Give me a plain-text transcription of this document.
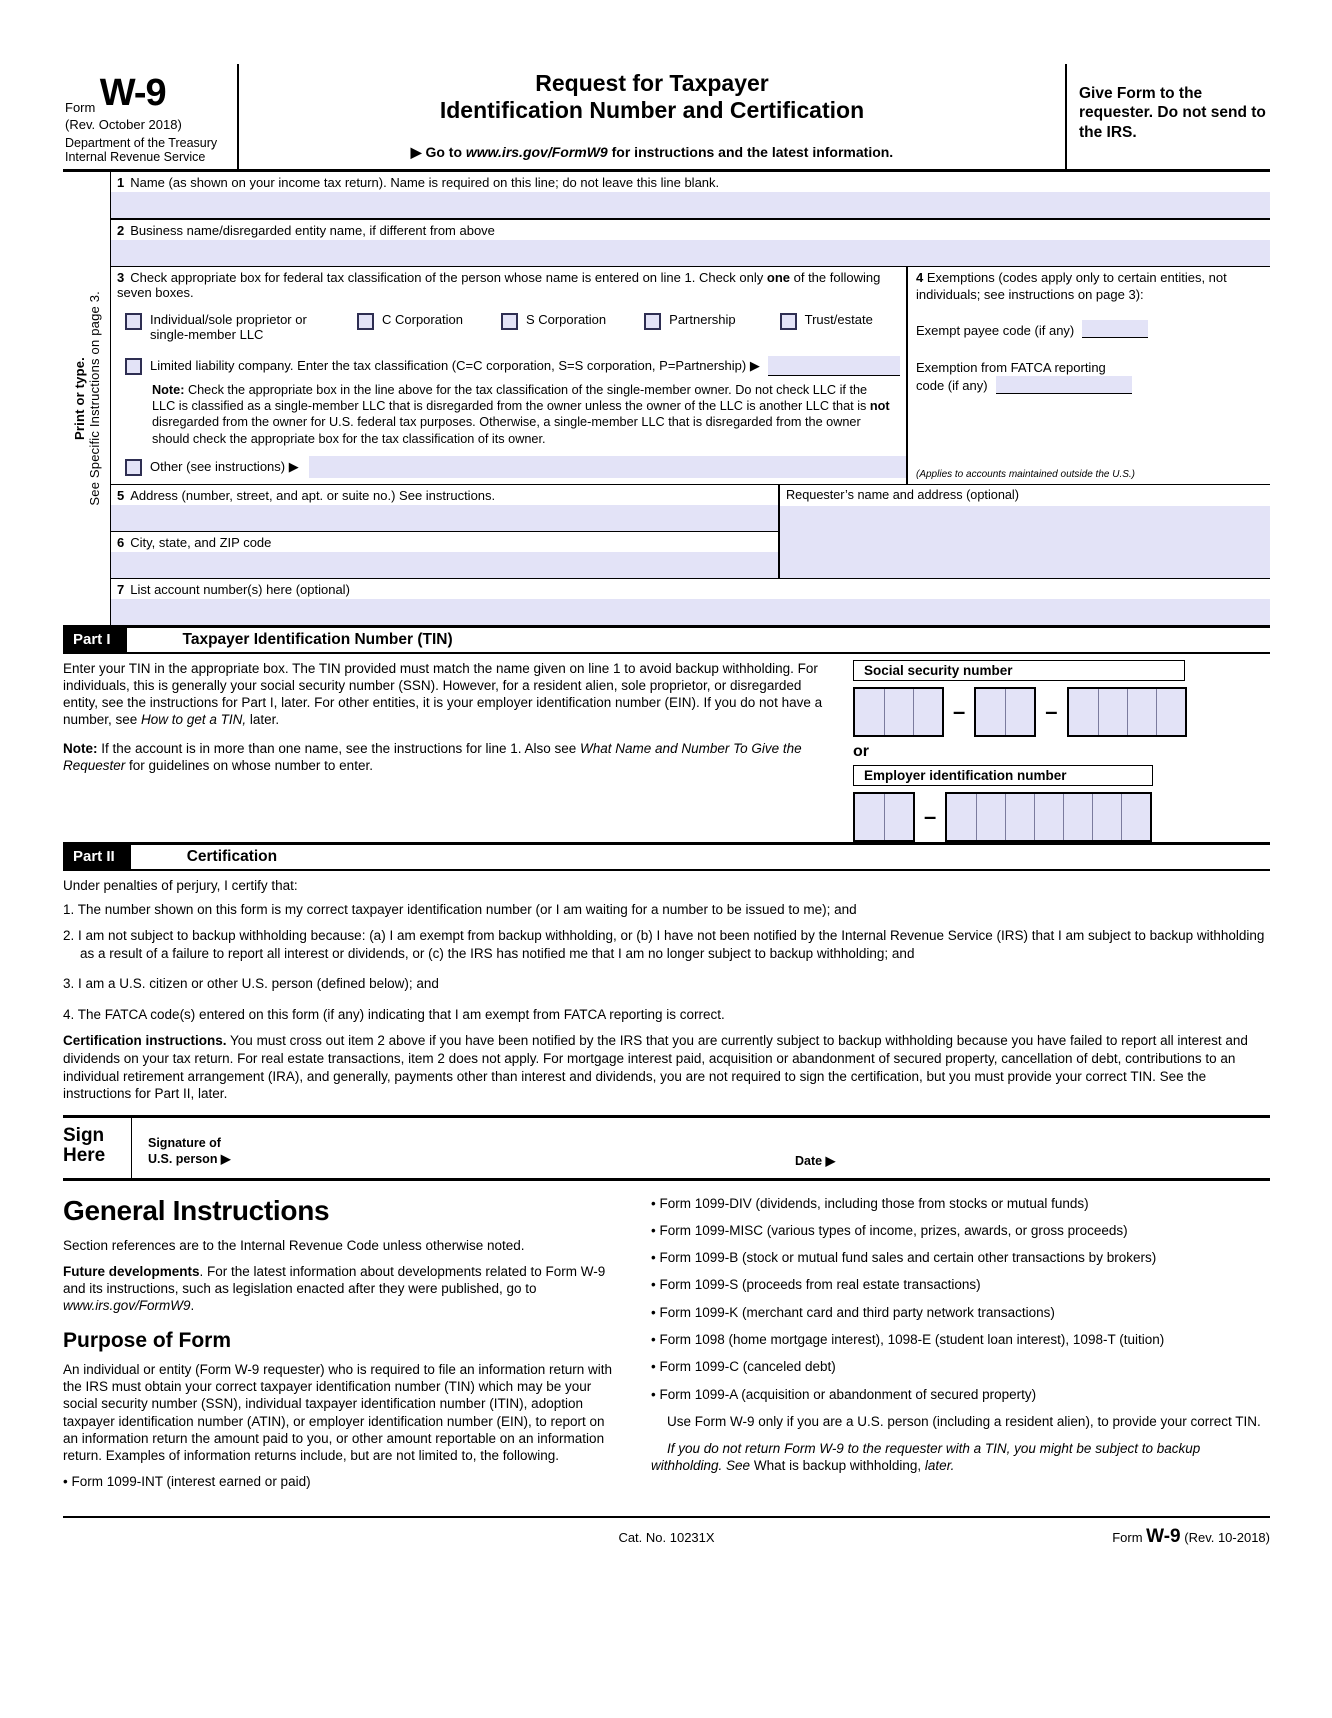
Form W-9
(Rev. October 2018)
Department of the Treasury
Internal Revenue Service
Request for Taxpayer
Identification Number and Certification
▶ Go to www.irs.gov/FormW9 for instructions and the latest information.
Give Form to the requester. Do not send to the IRS.
Print or type. See Specific Instructions on page 3.
1 Name (as shown on your income tax return). Name is required on this line; do not leave this line blank.
2 Business name/disregarded entity name, if different from above
3 Check appropriate box for federal tax classification of the person whose name is entered on line 1. Check only one of the following seven boxes.
Individual/sole proprietor or single-member LLC
C Corporation	S Corporation	Partnership	Trust/estate
Limited liability company. Enter the tax classification (C=C corporation, S=S corporation, P=Partnership) ▶
Note: Check the appropriate box in the line above for the tax classification of the single-member owner. Do not check LLC if the LLC is classified as a single-member LLC that is disregarded from the owner unless the owner of the LLC is another LLC that is not disregarded from the owner for U.S. federal tax purposes. Otherwise, a single-member LLC that is disregarded from the owner should check the appropriate box for the tax classification of its owner.
Other (see instructions) ▶
4 Exemptions (codes apply only to certain entities, not individuals; see instructions on page 3):
Exempt payee code (if any)
Exemption from FATCA reporting
code (if any)
(Applies to accounts maintained outside the U.S.)
5 Address (number, street, and apt. or suite no.) See instructions.
6 City, state, and ZIP code
Requester’s name and address (optional)
7 List account number(s) here (optional)
Part I	Taxpayer Identification Number (TIN)

Enter your TIN in the appropriate box. The TIN provided must match the name given on line 1 to avoid backup withholding. For individuals, this is generally your social security number (SSN). However, for a resident alien, sole proprietor, or disregarded entity, see the instructions for Part I, later. For other entities, it is your employer identification number (EIN). If you do not have a number, see How to get a TIN, later.

Note: If the account is in more than one name, see the instructions for line 1. Also see What Name and Number To Give the Requester for guidelines on whose number to enter.

Social security number
–	–
or
Employer identification number
–
Part II	Certification
Under penalties of perjury, I certify that:
1. The number shown on this form is my correct taxpayer identification number (or I am waiting for a number to be issued to me); and
2. I am not subject to backup withholding because: (a) I am exempt from backup withholding, or (b) I have not been notified by the Internal Revenue Service (IRS) that I am subject to backup withholding as a result of a failure to report all interest or dividends, or (c) the IRS has notified me that I am no longer subject to backup withholding; and
3. I am a U.S. citizen or other U.S. person (defined below); and
4. The FATCA code(s) entered on this form (if any) indicating that I am exempt from FATCA reporting is correct.
Certification instructions. You must cross out item 2 above if you have been notified by the IRS that you are currently subject to backup withholding because you have failed to report all interest and dividends on your tax return. For real estate transactions, item 2 does not apply. For mortgage interest paid, acquisition or abandonment of secured property, cancellation of debt, contributions to an individual retirement arrangement (IRA), and generally, payments other than interest and dividends, you are not required to sign the certification, but you must provide your correct TIN. See the instructions for Part II, later.
Sign
Here
Signature of
U.S. person ▶	Date ▶
General Instructions

Section references are to the Internal Revenue Code unless otherwise noted.

Future developments. For the latest information about developments related to Form W-9 and its instructions, such as legislation enacted after they were published, go to www.irs.gov/FormW9.

Purpose of Form

An individual or entity (Form W-9 requester) who is required to file an information return with the IRS must obtain your correct taxpayer identification number (TIN) which may be your social security number (SSN), individual taxpayer identification number (ITIN), adoption taxpayer identification number (ATIN), or employer identification number (EIN), to report on an information return the amount paid to you, or other amount reportable on an information return. Examples of information returns include, but are not limited to, the following.

• Form 1099-INT (interest earned or paid)

• Form 1099-DIV (dividends, including those from stocks or mutual funds)

• Form 1099-MISC (various types of income, prizes, awards, or gross proceeds)

• Form 1099-B (stock or mutual fund sales and certain other transactions by brokers)

• Form 1099-S (proceeds from real estate transactions)

• Form 1099-K (merchant card and third party network transactions)

• Form 1098 (home mortgage interest), 1098-E (student loan interest), 1098-T (tuition)

• Form 1099-C (canceled debt)

• Form 1099-A (acquisition or abandonment of secured property)

Use Form W-9 only if you are a U.S. person (including a resident alien), to provide your correct TIN.

If you do not return Form W-9 to the requester with a TIN, you might be subject to backup withholding. See What is backup withholding, later.

Cat. No. 10231X	Form W-9 (Rev. 10-2018)
